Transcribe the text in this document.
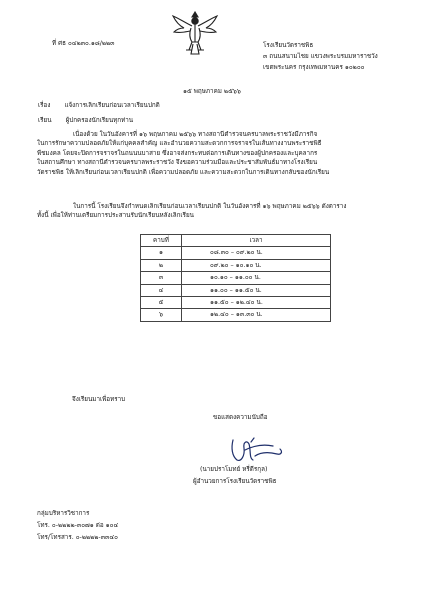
ที่ ศธ ๐๔๒๓๐.๑๘/๒๒๓	โรงเรียนวัดราชพิธ
๓ ถนนสนามไชย แขวงพระบรมมหาราชวัง
เขตพระนคร กรุงเทพมหานคร ๑๐๒๐๐
๑๕ พฤษภาคม ๒๕๖๖
เรื่อง แจ้งการเลิกเรียนก่อนเวลาเรียนปกติ
เรียน ผู้ปกครองนักเรียนทุกท่าน
เนื่องด้วย ในวันอังคารที่ ๑๖ พฤษภาคม ๒๕๖๖ ทางสถานีตำรวจนครบาลพระราชวังมีภารกิจ
ในการรักษาความปลอดภัยให้แก่บุคคลสำคัญ และอำนวยความสะดวกการจราจรในเส้นทางงานพระราชพิธี
พืชมงคล โดยจะปิดการจราจรในถนนนบาสาย ซึ่งอาจส่งกระทบต่อการเดินทางของผู้ปกครองและบุคลากร
ในสถานศึกษา ทางสถานีตำรวจนครบาลพระราชวัง จึงขอความร่วมมือและประชาสัมพันธ์มาทางโรงเรียน
วัดราชพิธ ให้เลิกเรียนก่อนเวลาเรียนปกติ เพื่อความปลอดภัย และความสะดวกในการเดินทางกลับของนักเรียน
ในการนี้ โรงเรียนจึงกำหนดเลิกเรียนก่อนเวลาเรียนปกติ ในวันอังคารที่ ๑๖ พฤษภาคม ๒๕๖๖ ดังตาราง
ทั้งนี้ เพื่อให้ท่านเตรียมการประสานรับนักเรียนหลังเลิกเรียน
คาบที่	เวลา
๑	๐๘.๓๐ – ๐๙.๒๐ น.
๒	๐๙.๒๐ – ๑๐.๑๐ น.
๓	๑๐.๑๐ – ๑๑.๐๐ น.
๔	๑๑.๐๐ – ๑๑.๕๐ น.
๕	๑๑.๕๐ – ๑๒.๔๐ น.
๖	๑๒.๔๐ – ๑๓.๓๐ น.
จึงเรียนมาเพื่อทราบ
ขอแสดงความนับถือ
(นายปราโมทย์ หรี่ดีรกุล)
ผู้อำนวยการโรงเรียนวัดราชพิธ
กลุ่มบริหารวิชาการ
โทร. ๐-๒๒๒๒-๓๐๗๑ ต่อ ๑๐๔
โทร/โทรสาร. ๐-๒๒๒๒-๓๓๔๐
